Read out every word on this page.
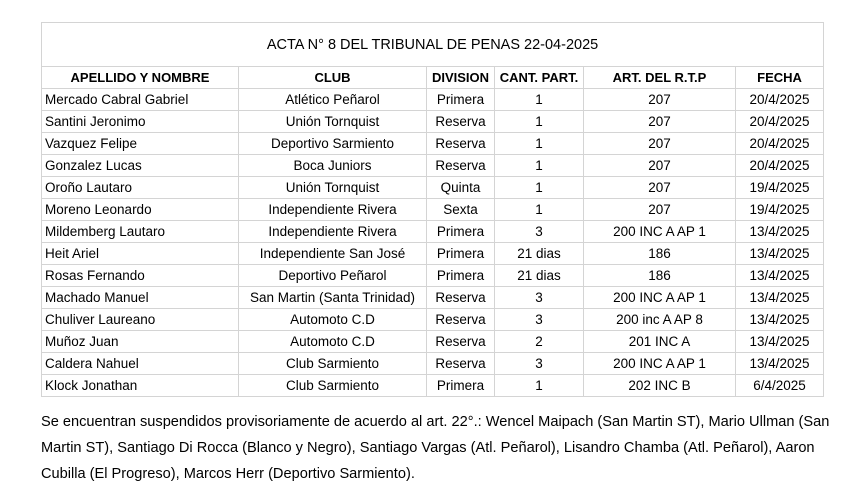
ACTA N° 8 DEL TRIBUNAL DE PENAS 22-04-2025					
APELLIDO Y NOMBRE	CLUB	DIVISION	CANT. PART.	ART. DEL R.T.P	FECHA
Mercado Cabral Gabriel	Atlético Peñarol	Primera	1	207	20/4/2025
Santini Jeronimo	Unión Tornquist	Reserva	1	207	20/4/2025
Vazquez Felipe	Deportivo Sarmiento	Reserva	1	207	20/4/2025
Gonzalez Lucas	Boca Juniors	Reserva	1	207	20/4/2025
Oroño Lautaro	Unión Tornquist	Quinta	1	207	19/4/2025
Moreno Leonardo	Independiente Rivera	Sexta	1	207	19/4/2025
Mildemberg Lautaro	Independiente Rivera	Primera	3	200 INC A AP 1	13/4/2025
Heit Ariel	Independiente San José	Primera	21 dias	186	13/4/2025
Rosas Fernando	Deportivo Peñarol	Primera	21 dias	186	13/4/2025
Machado Manuel	San Martin (Santa Trinidad)	Reserva	3	200 INC A AP 1	13/4/2025
Chuliver Laureano	Automoto C.D	Reserva	3	200 inc A AP 8	13/4/2025
Muñoz Juan	Automoto C.D	Reserva	2	201 INC A	13/4/2025
Caldera Nahuel	Club Sarmiento	Reserva	3	200 INC A AP 1	13/4/2025
Klock Jonathan	Club Sarmiento	Primera	1	202 INC B	6/4/2025

Se encuentran suspendidos provisoriamente de acuerdo al art. 22°.: Wencel Maipach (San Martin ST), Mario Ullman (San Martin ST), Santiago Di Rocca (Blanco y Negro), Santiago Vargas (Atl. Peñarol), Lisandro Chamba (Atl. Peñarol), Aaron Cubilla (El Progreso), Marcos Herr (Deportivo Sarmiento).
